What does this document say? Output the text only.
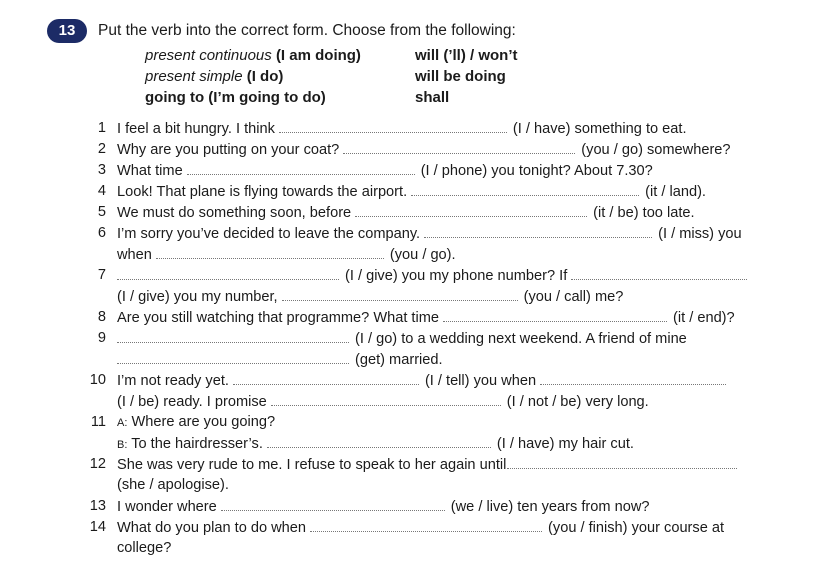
13	Put the verb into the correct form. Choose from the following:
present continuous (I am doing)
present simple (I do)
going to (I’m going to do)
will (’ll) / won’t
will be doing
shall
1 I feel a bit hungry. I think	(I / have) something to eat.
2 Why are you putting on your coat?	(you / go) somewhere?
3 What time	(I / phone) you tonight? About 7.30?
4 Look! That plane is flying towards the airport.	(it / land).
5 We must do something soon, before	(it / be) too late.
6 I’m sorry you’ve decided to leave the company.	(I / miss) you
when	(you / go).
7	(I / give) you my phone number? If
(I / give) you my number,	(you / call) me?
8 Are you still watching that programme? What time	(it / end)?
9	(I / go) to a wedding next weekend. A friend of mine
(get) married.
10 I’m not ready yet.	(I / tell) you when
(I / be) ready. I promise	(I / not / be) very long.
11 A: Where are you going?
B: To the hairdresser’s.	(I / have) my hair cut.
12 She was very rude to me. I refuse to speak to her again until
(she / apologise).
13 I wonder where	(we / live) ten years from now?
14 What do you plan to do when	(you / finish) your course at
college?
